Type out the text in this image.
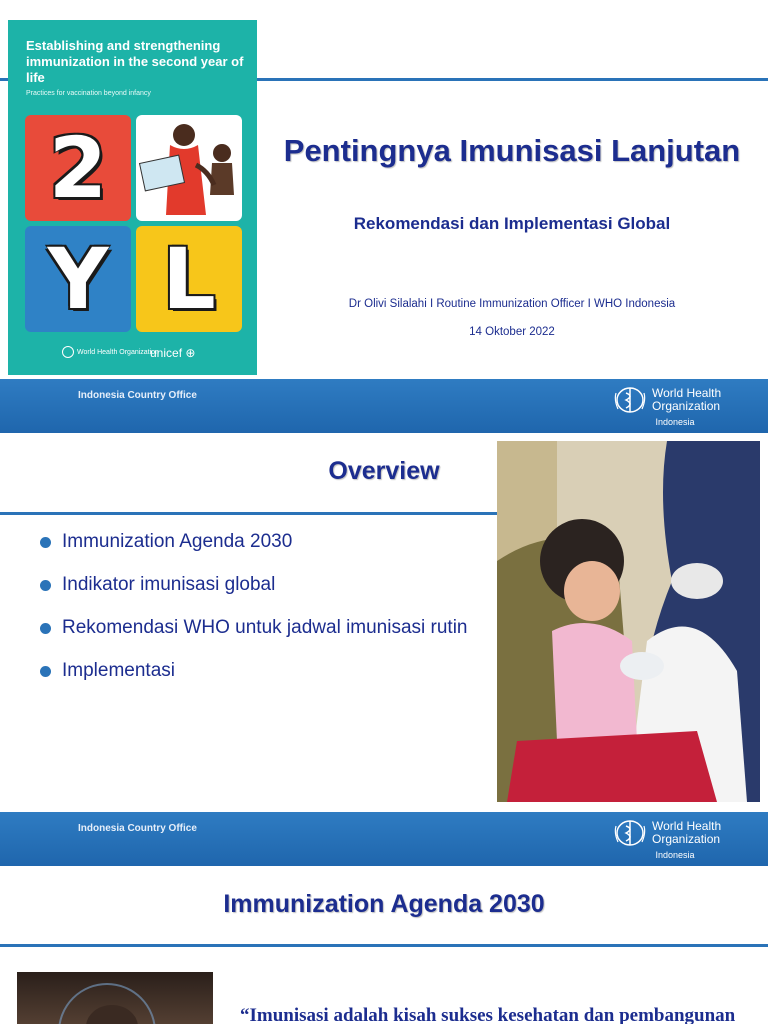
Establishing and strengthening immunization in the second year of life
Practices for vaccination beyond infancy
2
Y L
World Health Organization
unicef ⊕
Pentingnya Imunisasi Lanjutan
Rekomendasi dan Implementasi Global
Dr Olivi Silalahi I Routine Immunization Officer I WHO Indonesia
14 Oktober 2022
Indonesia Country Office	World Health
Organization
Indonesia
Overview
Immunization Agenda 2030
Indikator imunisasi global
Rekomendasi WHO untuk jadwal imunisasi rutin
Implementasi
Indonesia Country Office	World Health
Organization
Indonesia
Immunization Agenda 2030
“Imunisasi adalah kisah sukses kesehatan dan pembangunan
